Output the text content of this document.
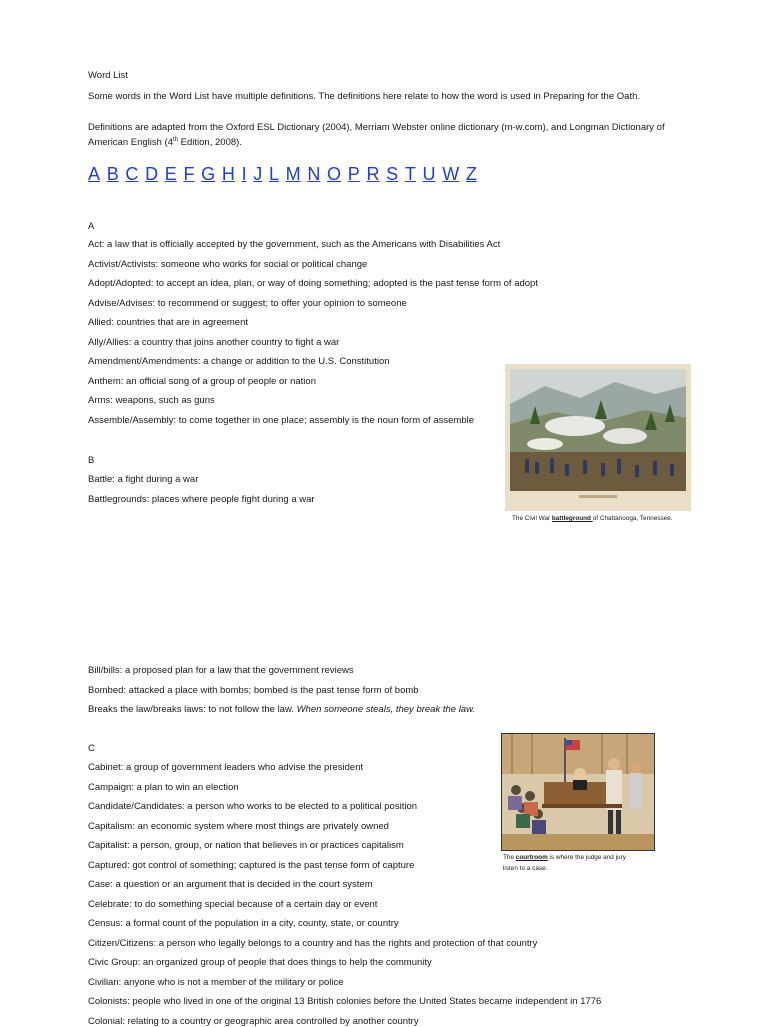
Word List
Some words in the Word List have multiple definitions. The definitions here relate to how the word is used in Preparing for the Oath.
Definitions are adapted from the Oxford ESL Dictionary (2004), Merriam Webster online dictionary (m-w.com), and Longman Dictionary of American English (4th Edition, 2008).
A B C D E F G H I J L M N O P R S T U W Z
A
Act: a law that is officially accepted by the government, such as the Americans with Disabilities Act
Activist/Activists: someone who works for social or political change
Adopt/Adopted: to accept an idea, plan, or way of doing something; adopted is the past tense form of adopt
Advise/Advises: to recommend or suggest; to offer your opinion to someone
Allied: countries that are in agreement
Ally/Allies: a country that joins another country to fight a war
Amendment/Amendments: a change or addition to the U.S. Constitution
Anthem: an official song of a group of people or nation
Arms: weapons, such as guns
Assemble/Assembly: to come together in one place; assembly is the noun form of assemble
B
Battle: a fight during a war
Battlegrounds: places where people fight during a war
Bill/bills: a proposed plan for a law that the government reviews
Bombed: attacked a place with bombs; bombed is the past tense form of bomb
Breaks the law/breaks laws: to not follow the law. When someone steals, they break the law.
C
Cabinet: a group of government leaders who advise the president
Campaign: a plan to win an election
Candidate/Candidates: a person who works to be elected to a political position
Capitalism: an economic system where most things are privately owned
Capitalist: a person, group, or nation that believes in or practices capitalism
Captured: got control of something; captured is the past tense form of capture
Case: a question or an argument that is decided in the court system
Celebrate: to do something special because of a certain day or event
Census: a formal count of the population in a city, county, state, or country
Citizen/Citizens: a person who legally belongs to a country and has the rights and protection of that country
Civic Group: an organized group of people that does things to help the community
Civilian: anyone who is not a member of the military or police
Colonists: people who lived in one of the original 13 British colonies before the United States became independent in 1776
Colonial: relating to a country or geographic area controlled by another country
The Civil War battleground of Chattanooga, Tennessee.
The courtroom is where the judge and jury
listen to a case.
